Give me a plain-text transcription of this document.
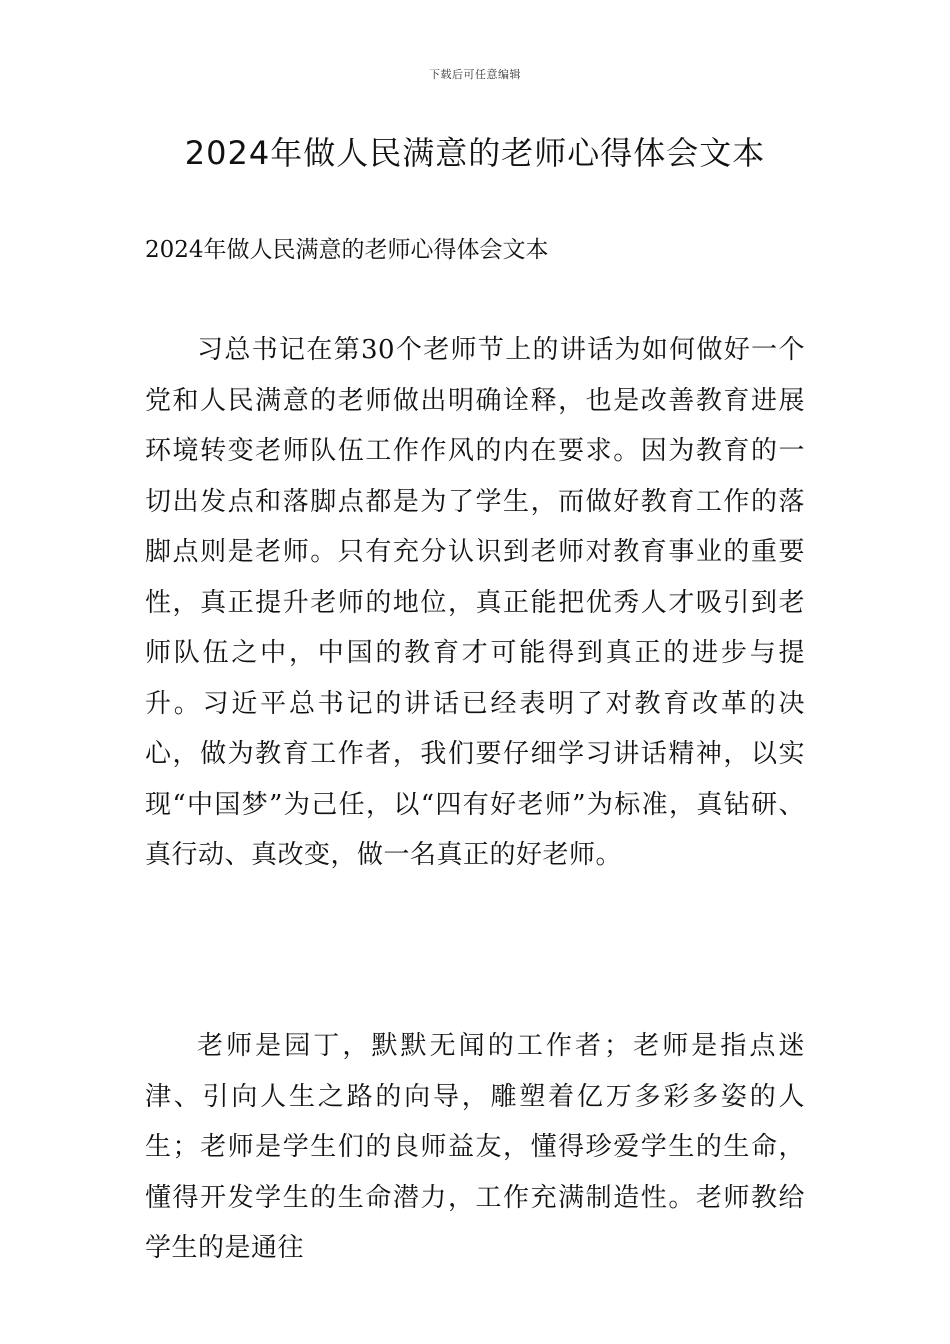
下载后可任意编辑
2024年做人民满意的老师心得体会文本

2024年做人民满意的老师心得体会文本

习总书记在第30个老师节上的讲话为如何做好一个党和人民满意的老师做出明确诠释，也是改善教育进展环境转变老师队伍工作作风的内在要求。因为教育的一切出发点和落脚点都是为了学生，而做好教育工作的落脚点则是老师。只有充分认识到老师对教育事业的重要性，真正提升老师的地位，真正能把优秀人才吸引到老师队伍之中，中国的教育才可能得到真正的进步与提升。习近平总书记的讲话已经表明了对教育改革的决心，做为教育工作者，我们要仔细学习讲话精神，以实现“中国梦”为己任，以“四有好老师”为标准，真钻研、真行动、真改变，做一名真正的好老师。

老师是园丁，默默无闻的工作者；老师是指点迷津、引向人生之路的向导，雕塑着亿万多彩多姿的人生；老师是学生们的良师益友，懂得珍爱学生的生命，懂得开发学生的生命潜力，工作充满制造性。老师教给学生的是通往
